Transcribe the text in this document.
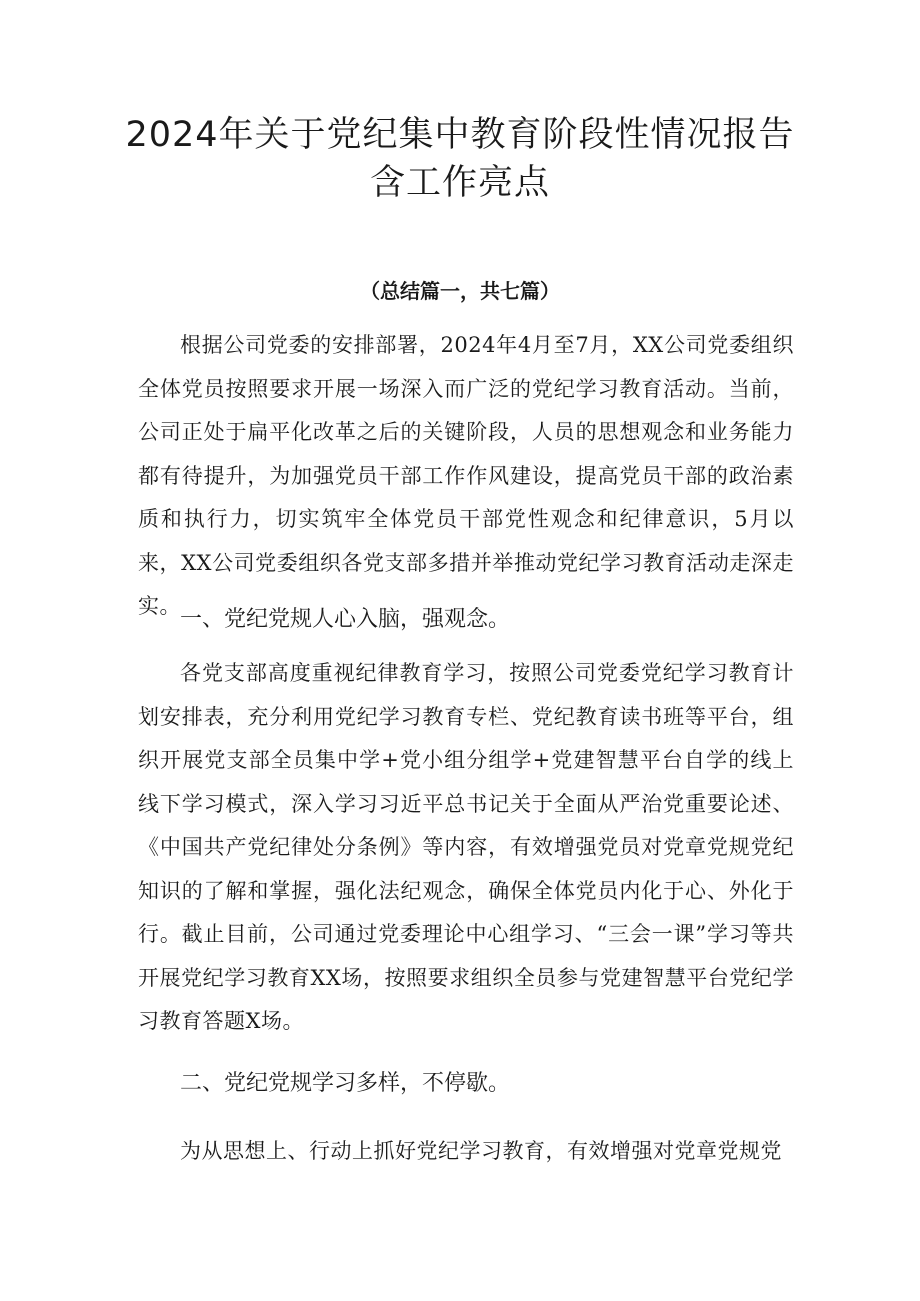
2024年关于党纪集中教育阶段性情况报告
含工作亮点

（总结篇一，共七篇）

根据公司党委的安排部署，2024年4月至7月，XX公司党委组织全体党员按照要求开展一场深入而广泛的党纪学习教育活动。当前，公司正处于扁平化改革之后的关键阶段，人员的思想观念和业务能力都有待提升，为加强党员干部工作作风建设，提高党员干部的政治素质和执行力，切实筑牢全体党员干部党性观念和纪律意识，5月以来，XX公司党委组织各党支部多措并举推动党纪学习教育活动走深走实。

一、党纪党规人心入脑，强观念。

各党支部高度重视纪律教育学习，按照公司党委党纪学习教育计划安排表，充分利用党纪学习教育专栏、党纪教育读书班等平台，组织开展党支部全员集中学+党小组分组学+党建智慧平台自学的线上线下学习模式，深入学习习近平总书记关于全面从严治党重要论述、《中国共产党纪律处分条例》等内容，有效增强党员对党章党规党纪知识的了解和掌握，强化法纪观念，确保全体党员内化于心、外化于行。截止目前，公司通过党委理论中心组学习、“三会一课”学习等共开展党纪学习教育XX场，按照要求组织全员参与党建智慧平台党纪学习教育答题X场。

二、党纪党规学习多样，不停歇。

为从思想上、行动上抓好党纪学习教育，有效增强对党章党规党
